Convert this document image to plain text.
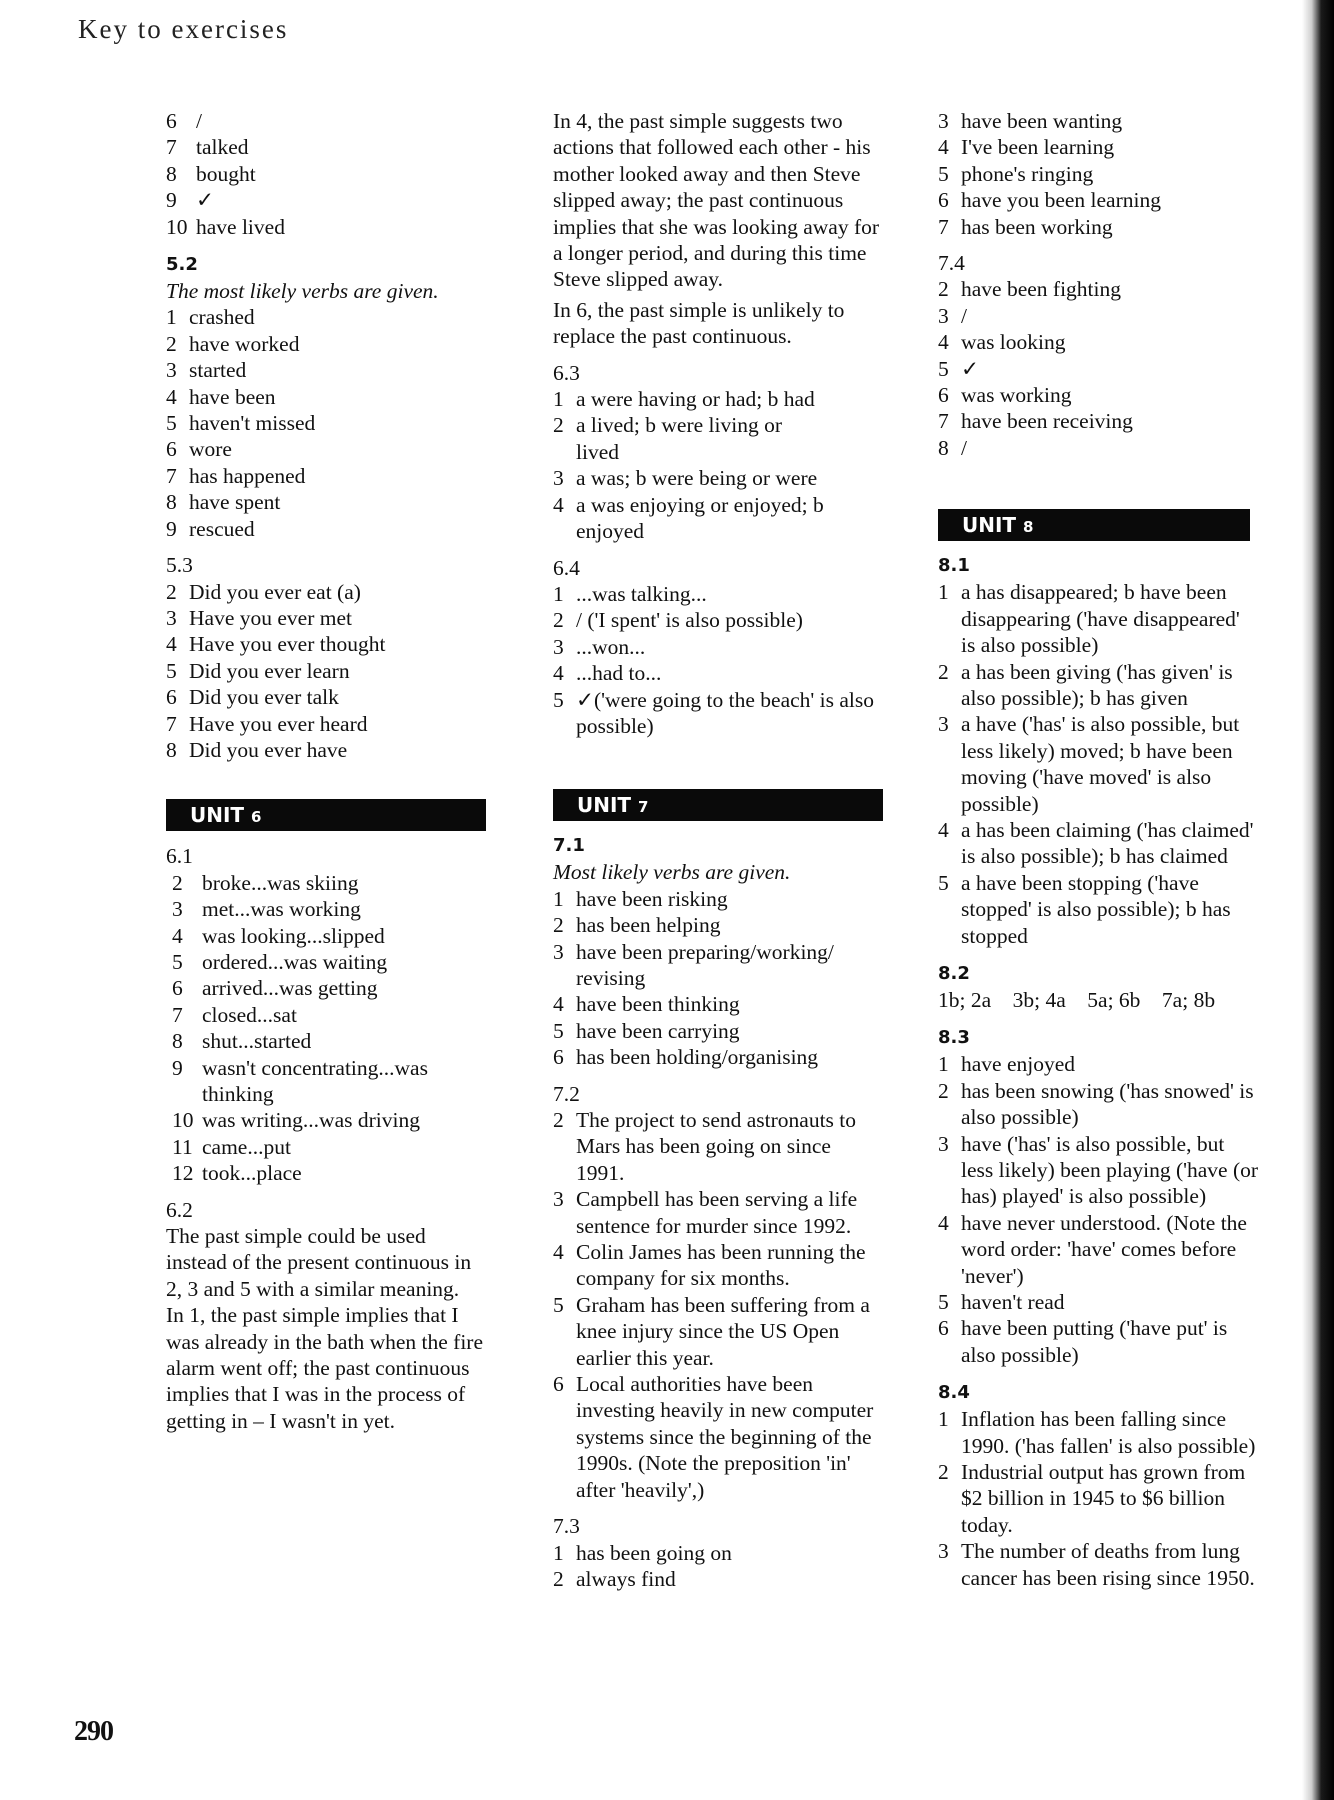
Key to exercises
290
6 /
7 talked
8 bought
9 ✓
10 have lived
5.2
The most likely verbs are given.
1 crashed
2 have worked
3 started
4 have been
5 haven't missed
6 wore
7 has happened
8 have spent
9 rescued
5.3
2 Did you ever eat (a)
3 Have you ever met
4 Have you ever thought
5 Did you ever learn
6 Did you ever talk
7 Have you ever heard
8 Did you ever have
UNIT 6
6.1
2 broke...was skiing
3 met...was working
4 was looking...slipped
5 ordered...was waiting
6 arrived...was getting
7 closed...sat
8 shut...started
9 wasn't concentrating...was thinking
10 was writing...was driving
11 came...put
12 took...place
6.2
The past simple could be used instead of the present continuous in 2, 3 and 5 with a similar meaning.
In 1, the past simple implies that I was already in the bath when the fire alarm went off; the past continuous implies that I was in the process of getting in – I wasn't in yet.
In 4, the past simple suggests two actions that followed each other - his mother looked away and then Steve slipped away; the past continuous implies that she was looking away for a longer period, and during this time Steve slipped away.
In 6, the past simple is unlikely to replace the past continuous.
6.3
1 a were having or had; b had
2 a lived; b were living or lived
3 a was; b were being or were
4 a was enjoying or enjoyed; b enjoyed
6.4
1 ...was talking...
2 / ('I spent' is also possible)
3 ...won...
4 ...had to...
5 ✓('were going to the beach' is also possible)
UNIT 7
7.1
Most likely verbs are given.
1 have been risking
2 has been helping
3 have been preparing/working/ revising
4 have been thinking
5 have been carrying
6 has been holding/organising
7.2
2 The project to send astronauts to Mars has been going on since 1991.
3 Campbell has been serving a life sentence for murder since 1992.
4 Colin James has been running the company for six months.
5 Graham has been suffering from a knee injury since the US Open earlier this year.
6 Local authorities have been investing heavily in new computer systems since the beginning of the 1990s. (Note the preposition 'in' after 'heavily',)
7.3
1 has been going on
2 always find
3 have been wanting
4 I've been learning
5 phone's ringing
6 have you been learning
7 has been working
7.4
2 have been fighting
3 /
4 was looking
5 ✓
6 was working
7 have been receiving
8 /
UNIT 8
8.1
1 a has disappeared; b have been disappearing ('have disappeared' is also possible)
2 a has been giving ('has given' is also possible); b has given
3 a have ('has' is also possible, but less likely) moved; b have been moving ('have moved' is also possible)
4 a has been claiming ('has claimed' is also possible); b has claimed
5 a have been stopping ('have stopped' is also possible); b has stopped
8.2
1b; 2a    3b; 4a    5a; 6b    7a; 8b
8.3
1 have enjoyed
2 has been snowing ('has snowed' is also possible)
3 have ('has' is also possible, but less likely) been playing ('have (or has) played' is also possible)
4 have never understood. (Note the word order: 'have' comes before 'never')
5 haven't read
6 have been putting ('have put' is also possible)
8.4
1 Inflation has been falling since 1990. ('has fallen' is also possible)
2 Industrial output has grown from $2 billion in 1945 to $6 billion today.
3 The number of deaths from lung cancer has been rising since 1950.
